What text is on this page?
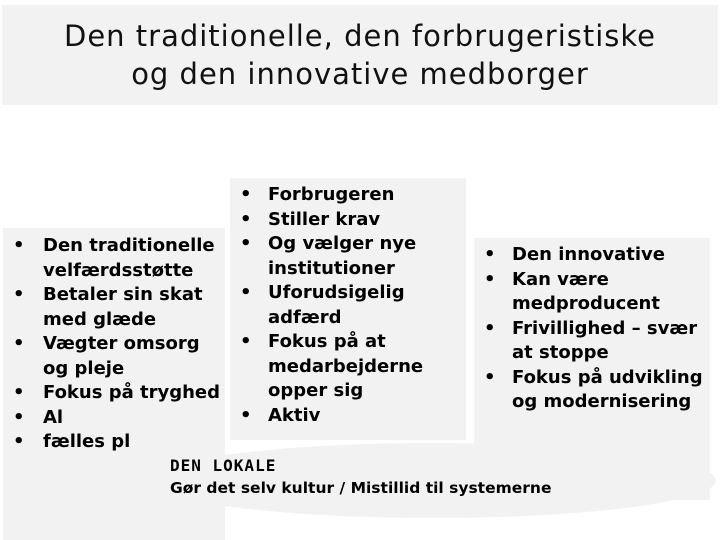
Den traditionelle, den forbrugeristiske
og den innovative medborger
• Den traditionelle velfærdsstøtte
• Betaler sin skat med glæde
• Vægter omsorg og pleje
• Fokus på tryghed
• Al
• fælles pl
• Forbrugeren
• Stiller krav
• Og vælger nye institutioner
• Uforudsigelig adfærd
• Fokus på at medarbejderne opper sig
• Aktiv
• Den innovative
• Kan være medproducent
• Frivillighed – svær at stoppe
• Fokus på udvikling og modernisering
DEN LOKALE
Gør det selv kultur / Mistillid til systemerne
